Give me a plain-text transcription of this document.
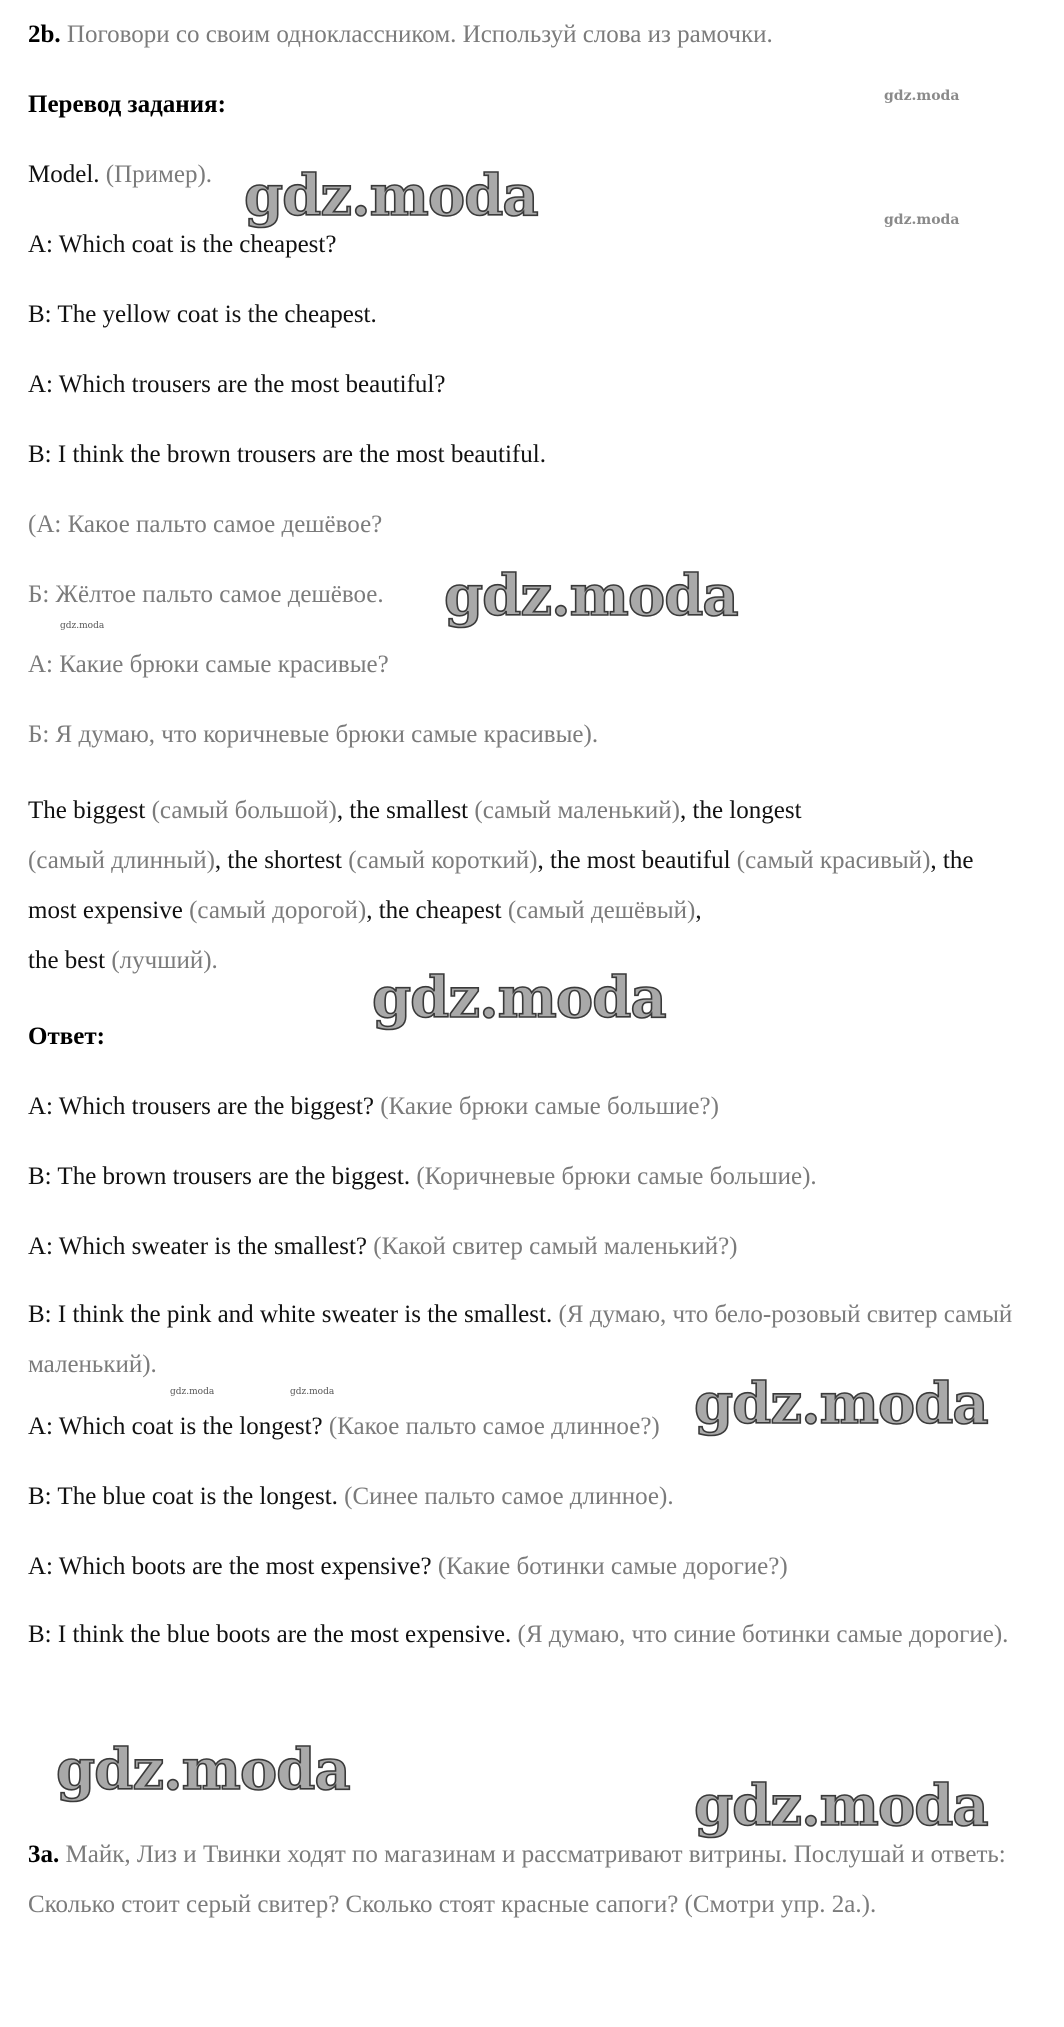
2b. Поговори со своим одноклассником. Используй слова из рамочки.

Перевод задания:

Model. (Пример).

A: Which coat is the cheapest?

B: The yellow coat is the cheapest.

A: Which trousers are the most beautiful?

B: I think the brown trousers are the most beautiful.

(А: Какое пальто самое дешёвое?

Б: Жёлтое пальто самое дешёвое.

А: Какие брюки самые красивые?

Б: Я думаю, что коричневые брюки самые красивые).

The biggest (самый большой), the smallest (самый маленький), the longest
(самый длинный), the shortest (самый короткий), the most beautiful (самый красивый), the most expensive (самый дорогой), the cheapest (самый дешёвый),
the best (лучший).

Ответ:

A: Which trousers are the biggest? (Какие брюки самые большие?)

B: The brown trousers are the biggest. (Коричневые брюки самые большие).

A: Which sweater is the smallest? (Какой свитер самый маленький?)

B: I think the pink and white sweater is the smallest. (Я думаю, что бело-розовый свитер самый маленький).

A: Which coat is the longest? (Какое пальто самое длинное?)

B: The blue coat is the longest. (Синее пальто самое длинное).

A: Which boots are the most expensive? (Какие ботинки самые дорогие?)

B: I think the blue boots are the most expensive. (Я думаю, что синие ботинки самые дорогие).

3a. Майк, Лиз и Твинки ходят по магазинам и рассматривают витрины. Послушай и ответь: Сколько стоит серый свитер? Сколько стоят красные сапоги? (Смотри упр. 2а.).

gdz.moda
gdz.moda
gdz.moda
gdz.moda
gdz.moda
gdz.moda
gdz.moda	gdz.moda	gdz.moda
gdz.moda
gdz.moda
